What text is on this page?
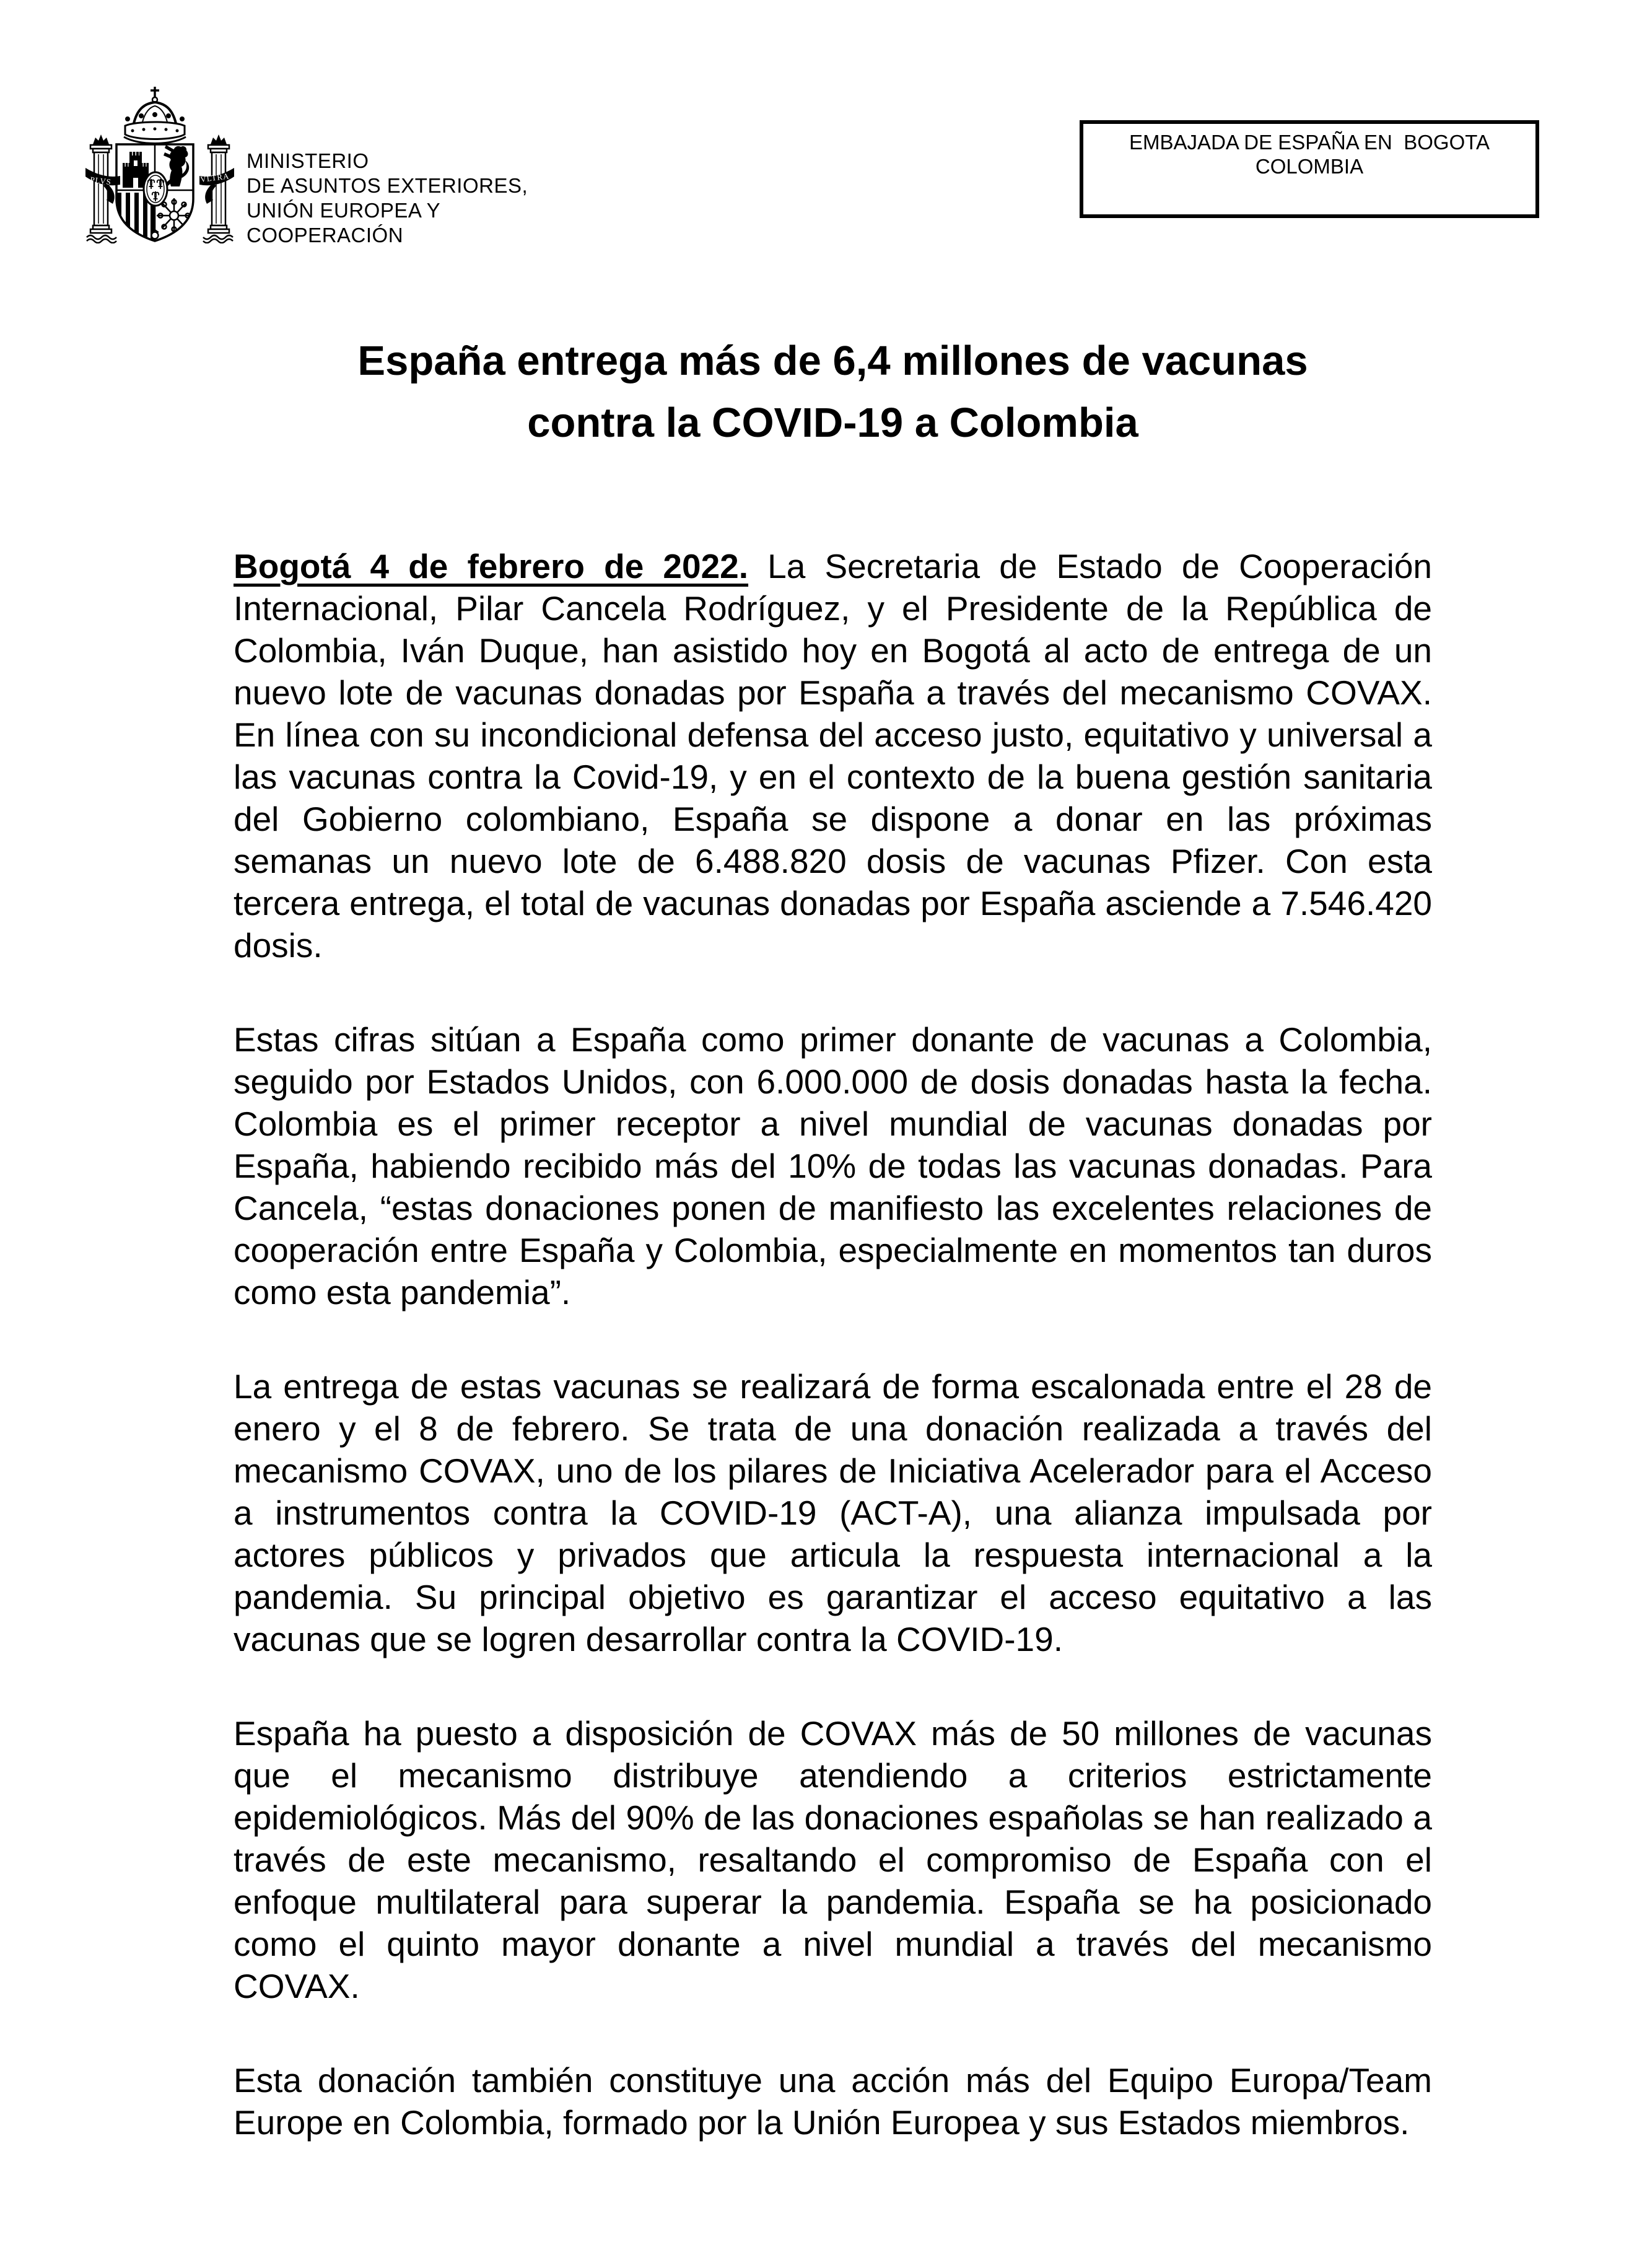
PLVS	VLTRA
MINISTERIO
DE ASUNTOS EXTERIORES,
UNIÓN EUROPEA Y
COOPERACIÓN
EMBAJADA DE ESPAÑA EN  BOGOTA
COLOMBIA
España entrega más de 6,4 millones de vacunas
contra la COVID-19 a Colombia

Bogotá 4 de febrero de 2022. La Secretaria de Estado de Cooperación Internacional, Pilar Cancela Rodríguez, y el Presidente de la República de Colombia, Iván Duque, han asistido hoy en Bogotá al acto de entrega de un nuevo lote de vacunas donadas por España a través del mecanismo COVAX. En línea con su incondicional defensa del acceso justo, equitativo y universal a las vacunas contra la Covid-19, y en el contexto de la buena gestión sanitaria del Gobierno colombiano, España se dispone a donar en las próximas semanas un nuevo lote de 6.488.820 dosis de vacunas Pfizer. Con esta tercera entrega, el total de vacunas donadas por España asciende a 7.546.420 dosis.

Estas cifras sitúan a España como primer donante de vacunas a Colombia, seguido por Estados Unidos, con 6.000.000 de dosis donadas hasta la fecha. Colombia es el primer receptor a nivel mundial de vacunas donadas por España, habiendo recibido más del 10% de todas las vacunas donadas. Para Cancela, “estas donaciones ponen de manifiesto las excelentes relaciones de cooperación entre España y Colombia, especialmente en momentos tan duros como esta pandemia”.

La entrega de estas vacunas se realizará de forma escalonada entre el 28 de enero y el 8 de febrero. Se trata de una donación realizada a través del mecanismo COVAX, uno de los pilares de Iniciativa Acelerador para el Acceso a instrumentos contra la COVID-19 (ACT-A), una alianza impulsada por actores públicos y privados que articula la respuesta internacional a la pandemia. Su principal objetivo es garantizar el acceso equitativo a las vacunas que se logren desarrollar contra la COVID-19.

España ha puesto a disposición de COVAX más de 50 millones de vacunas que el mecanismo distribuye atendiendo a criterios estrictamente epidemiológicos. Más del 90% de las donaciones españolas se han realizado a través de este mecanismo, resaltando el compromiso de España con el enfoque multilateral para superar la pandemia. España se ha posicionado como el quinto mayor donante a nivel mundial a través del mecanismo COVAX.

Esta donación también constituye una acción más del Equipo Europa/Team Europe en Colombia, formado por la Unión Europea y sus Estados miembros.
